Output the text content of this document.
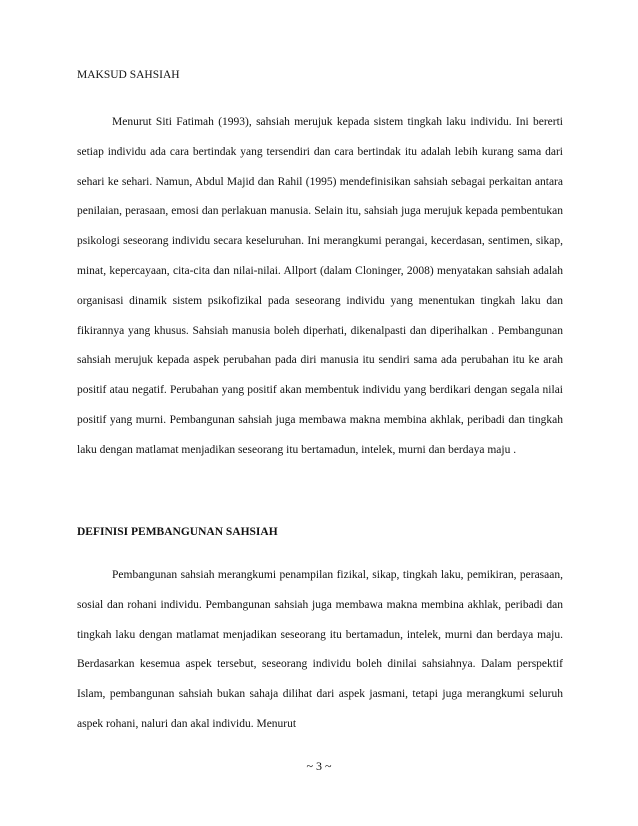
MAKSUD SAHSIAH

Menurut Siti Fatimah (1993), sahsiah merujuk kepada sistem tingkah laku individu. Ini bererti setiap individu ada cara bertindak yang tersendiri dan cara bertindak itu adalah lebih kurang sama dari sehari ke sehari. Namun, Abdul Majid dan Rahil (1995) mendefinisikan sahsiah sebagai perkaitan antara penilaian, perasaan, emosi dan perlakuan manusia. Selain itu, sahsiah juga merujuk kepada pembentukan psikologi seseorang individu secara keseluruhan. Ini merangkumi perangai, kecerdasan, sentimen, sikap, minat, kepercayaan, cita-cita dan nilai-nilai. Allport (dalam Cloninger, 2008) menyatakan sahsiah adalah organisasi dinamik sistem psikofizikal pada seseorang individu yang menentukan tingkah laku dan fikirannya yang khusus. Sahsiah manusia boleh diperhati, dikenalpasti dan diperihalkan . Pembangunan sahsiah merujuk kepada aspek perubahan pada diri manusia itu sendiri sama ada perubahan itu ke arah positif atau negatif. Perubahan yang positif akan membentuk individu yang berdikari dengan segala nilai positif yang murni. Pembangunan sahsiah juga membawa makna membina akhlak, peribadi dan tingkah laku dengan matlamat menjadikan seseorang itu bertamadun, intelek, murni dan berdaya maju .

DEFINISI PEMBANGUNAN SAHSIAH

Pembangunan sahsiah merangkumi penampilan fizikal, sikap, tingkah laku, pemikiran, perasaan, sosial dan rohani individu. Pembangunan sahsiah juga membawa makna membina akhlak, peribadi dan tingkah laku dengan matlamat menjadikan seseorang itu bertamadun, intelek, murni dan berdaya maju. Berdasarkan kesemua aspek tersebut, seseorang individu boleh dinilai sahsiahnya. Dalam perspektif Islam, pembangunan sahsiah bukan sahaja dilihat dari aspek jasmani, tetapi juga merangkumi seluruh aspek rohani, naluri dan akal individu. Menurut

~ 3 ~
